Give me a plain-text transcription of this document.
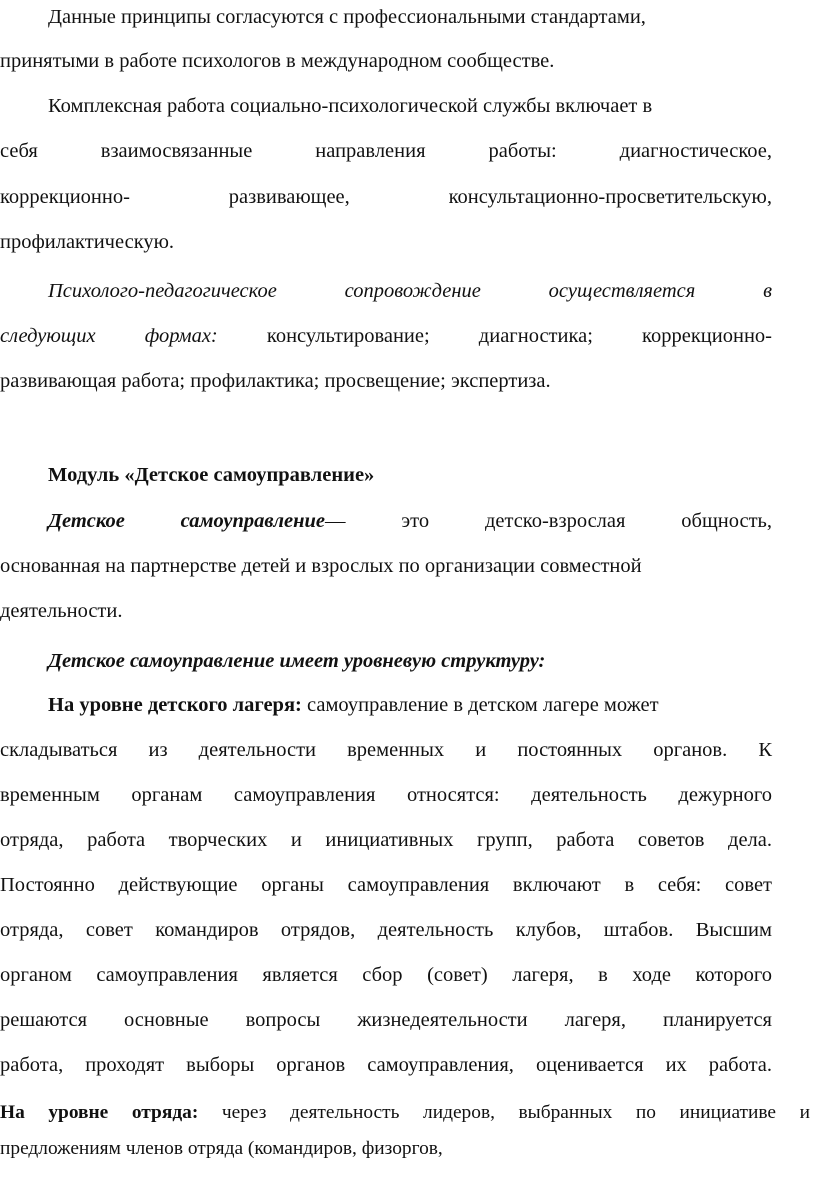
Данные принципы согласуются с профессиональными стандартами,
принятыми в работе психологов в международном сообществе.
Комплексная работа социально-психологической службы включает в
себя взаимосвязанные направления работы: диагностическое,
коррекционно- развивающее, консультационно-просветительскую,
профилактическую.
Психолого-педагогическое сопровождение осуществляется в
следующих формах: консультирование; диагностика; коррекционно-
развивающая работа; профилактика; просвещение; экспертиза.
Модуль «Детское самоуправление»
Детское самоуправление— это детско-взрослая общность,
основанная на партнерстве детей и взрослых по организации совместной
деятельности.
Детское самоуправление имеет уровневую структуру:
На уровне детского лагеря: самоуправление в детском лагере может
складываться из деятельности временных и постоянных органов. К
временным органам самоуправления относятся: деятельность дежурного
отряда, работа творческих и инициативных групп, работа советов дела.
Постоянно действующие органы самоуправления включают в себя: совет
отряда, совет командиров отрядов, деятельность клубов, штабов. Высшим
органом самоуправления является сбор (совет) лагеря, в ходе которого
решаются основные вопросы жизнедеятельности лагеря, планируется
работа, проходят выборы органов самоуправления, оценивается их работа.
На уровне отряда: через деятельность лидеров, выбранных по инициативе и
предложениям членов отряда (командиров, физоргов,
